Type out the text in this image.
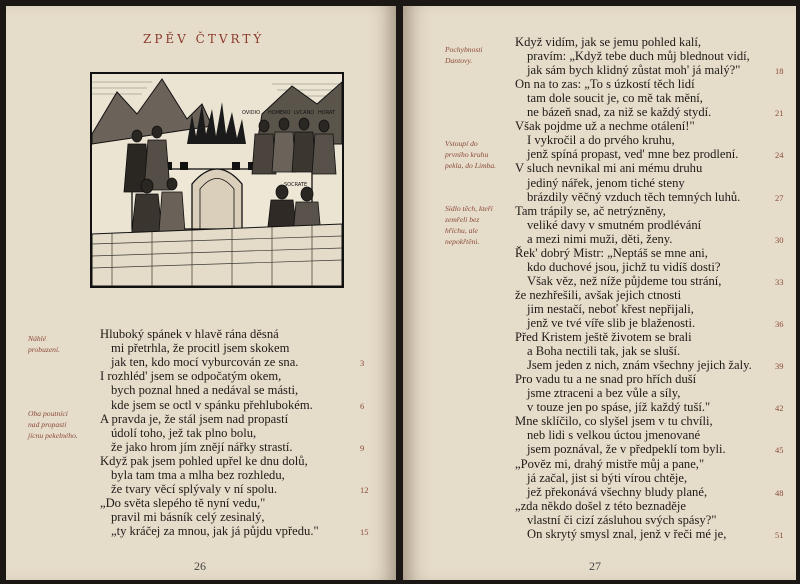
ZPĚV ČTVRTÝ
OVIDIO HOMERO LVCANO HORAT
SOCRATE
Náhlé
probuzení.
Oba poutníci
nad propastí
jícnu pekelného.
Hluboký spánek v hlavě rána děsná
mi přetrhla, že procitl jsem skokem
jak ten, kdo mocí vyburcován ze sna.
I rozhléd' jsem se odpočatým okem,
bych poznal hned a nedával se másti,
kde jsem se octl v spánku přehlubokém.
A pravda je, že stál jsem nad propastí
údolí toho, jež tak plno bolu,
že jako hrom jím znějí nářky strastí.
Když pak jsem pohled upřel ke dnu dolů,
byla tam tma a mlha bez rozhledu,
že tvary věcí splývaly v ní spolu.
„Do světa slepého tě nyní vedu,"
pravil mi básník celý zesinalý,
„ty kráčej za mnou, jak já půjdu vpředu."
3
6
9
12
15
26
Pochybnosti
Dantovy.
Vstoupí do
prvního kruhu
pekla, do Limba.
Sídlo těch, kteří
zemřeli bez
hříchu, ale
nepokřtěni.
Když vidím, jak se jemu pohled kalí,
pravím: „Když tebe duch můj blednout vidí,
jak sám bych klidný zůstat moh' já malý?"
On na to zas: „To s úzkostí těch lidí
tam dole soucit je, co mě tak mění,
ne bázeň snad, za niž se každý stydí.
Však pojdme už a nechme otálení!"
I vykročil a do prvého kruhu,
jenž spíná propast, ved' mne bez prodlení.
V sluch nevnikal mi ani mému druhu
jediný nářek, jenom tiché steny
brázdily věčný vzduch těch temných luhů.
Tam trápily se, ač netrýzněny,
veliké davy v smutném prodlévání
a mezi nimi muži, děti, ženy.
Řek' dobrý Mistr: „Neptáš se mne ani,
kdo duchové jsou, jichž tu vidíš dosti?
Však věz, než níže půjdeme tou strání,
že nezhřešili, avšak jejich ctnosti
jim nestačí, neboť křest nepřijali,
jenž ve tvé víře slib je blaženosti.
Před Kristem ještě životem se brali
a Boha nectili tak, jak se sluší.
Jsem jeden z nich, znám všechny jejich žaly.
Pro vadu tu a ne snad pro hřích duší
jsme ztraceni a bez vůle a síly,
v touze jen po spáse, jíž každý tuší."
Mne sklíčilo, co slyšel jsem v tu chvíli,
neb lidi s velkou úctou jmenované
jsem poznával, že v předpeklí tom byli.
„Pověz mi, drahý mistře můj a pane,"
já začal, jist si býti vírou chtěje,
jež překonává všechny bludy plané,
„zda někdo došel z této beznaděje
vlastní či cizí zásluhou svých spásy?"
On skrytý smysl znal, jenž v řeči mé je,
18
21
24
27
30
33
36
39
42
45
48
51
27
